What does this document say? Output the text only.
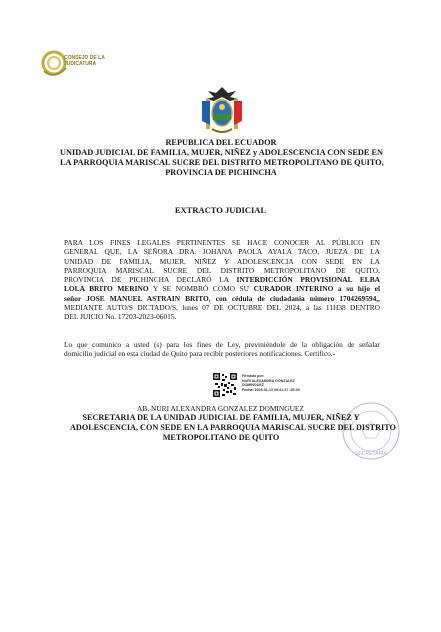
CONSEJO DE LA
JUDICATURA
REPUBLICA DEL ECUADOR
UNIDAD JUDICIAL DE FAMILIA, MUJER, NIÑEZ y ADOLESCENCIA CON SEDE EN
LA PARROQUIA MARISCAL SUCRE DEL DISTRITO METROPOLITANO DE QUITO,
PROVINCIA DE PICHINCHA
EXTRACTO JUDICIAL
PARA LOS FINES LEGALES PERTINENTES SE HACE CONOCER AL PÚBLICO EN
GENERAL QUE, LA SEÑORA DRA. JOHANA PAOLA AYALA TACO, JUEZA DE LA
UNIDAD DE FAMILIA, MUJER, NIÑEZ Y ADOLESCENCIA CON SEDE EN LA
PARROQUIA MARISCAL SUCRE DEL DISTRITO METROPOLITANO DE QUITO,
PROVINCIA DE PICHINCHA DECLARÓ LA INTERDICCIÓN PROVISIONAL ELBA
LOLA BRITO MERINO Y SE NOMBRÓ COMO SU CURADOR INTERINO a su hijo el
señor JOSE MANUEL ASTRAIN BRITO, con cédula de ciudadanía número 1704269594,,
MEDIANTE AUTO/S DICTADO/S, lunes 07 DE OCTUBRE DEL 2024, a las 11H38 DENTRO
DEL JUICIO No. 17203-2023-06015.
Lo que comunico a usted (s) para los fines de Ley, previniéndole de la obligación de señalar
domicilio judicial en esta ciudad de Quito para recibir posteriores notificaciones. Certifico.-
Firmado por:
NURI ALEXANDRA GONZALEZ
DOMINGUEZ
Fecha: 2025-01-13 09:41:37 -05:00
SECRETARIA
AB. NURI ALEXANDRA GONZALEZ DOMINGUEZ
SECRETARIA DE LA UNIDAD JUDICIAL DE FAMILIA, MUJER, NIÑEZ Y
ADOLESCENCIA, CON SEDE EN LA PARROQUIA MARISCAL SUCRE DEL DISTRITO
METROPOLITANO DE QUITO
